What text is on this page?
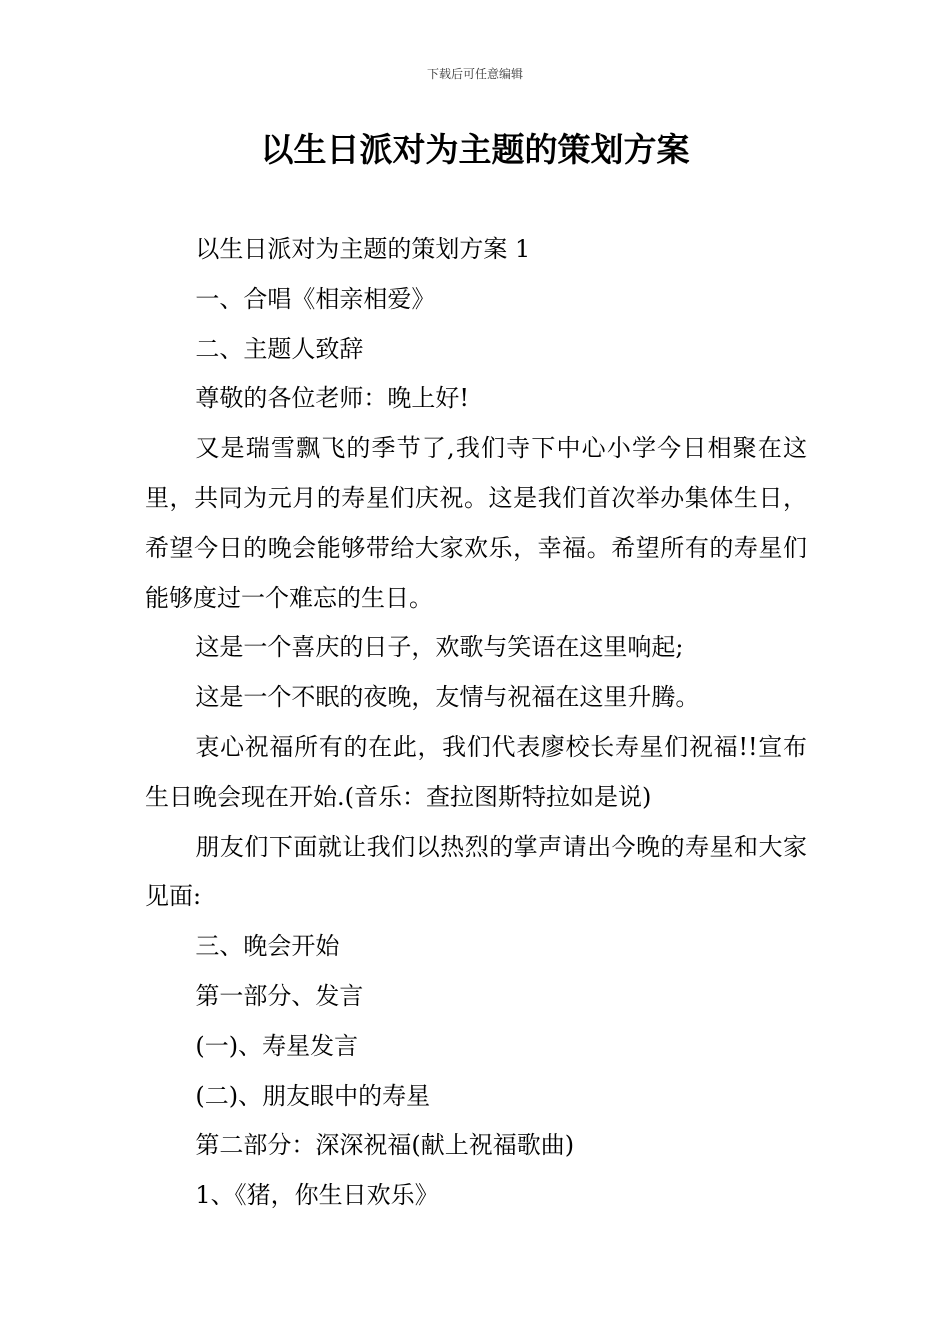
下载后可任意编辑
以生日派对为主题的策划方案

以生日派对为主题的策划方案 1

一、合唱《相亲相爱》

二、主题人致辞

尊敬的各位老师：晚上好!

又是瑞雪飘飞的季节了,我们寺下中心小学今日相聚在这里，共同为元月的寿星们庆祝。这是我们首次举办集体生日，希望今日的晚会能够带给大家欢乐，幸福。希望所有的寿星们能够度过一个难忘的生日。

这是一个喜庆的日子，欢歌与笑语在这里响起;

这是一个不眠的夜晚，友情与祝福在这里升腾。

衷心祝福所有的在此，我们代表廖校长寿星们祝福!!宣布生日晚会现在开始.(音乐：查拉图斯特拉如是说)

朋友们下面就让我们以热烈的掌声请出今晚的寿星和大家见面:

三、晚会开始

第一部分、发言

(一)、寿星发言

(二)、朋友眼中的寿星

第二部分：深深祝福(献上祝福歌曲)

1、《猪，你生日欢乐》
